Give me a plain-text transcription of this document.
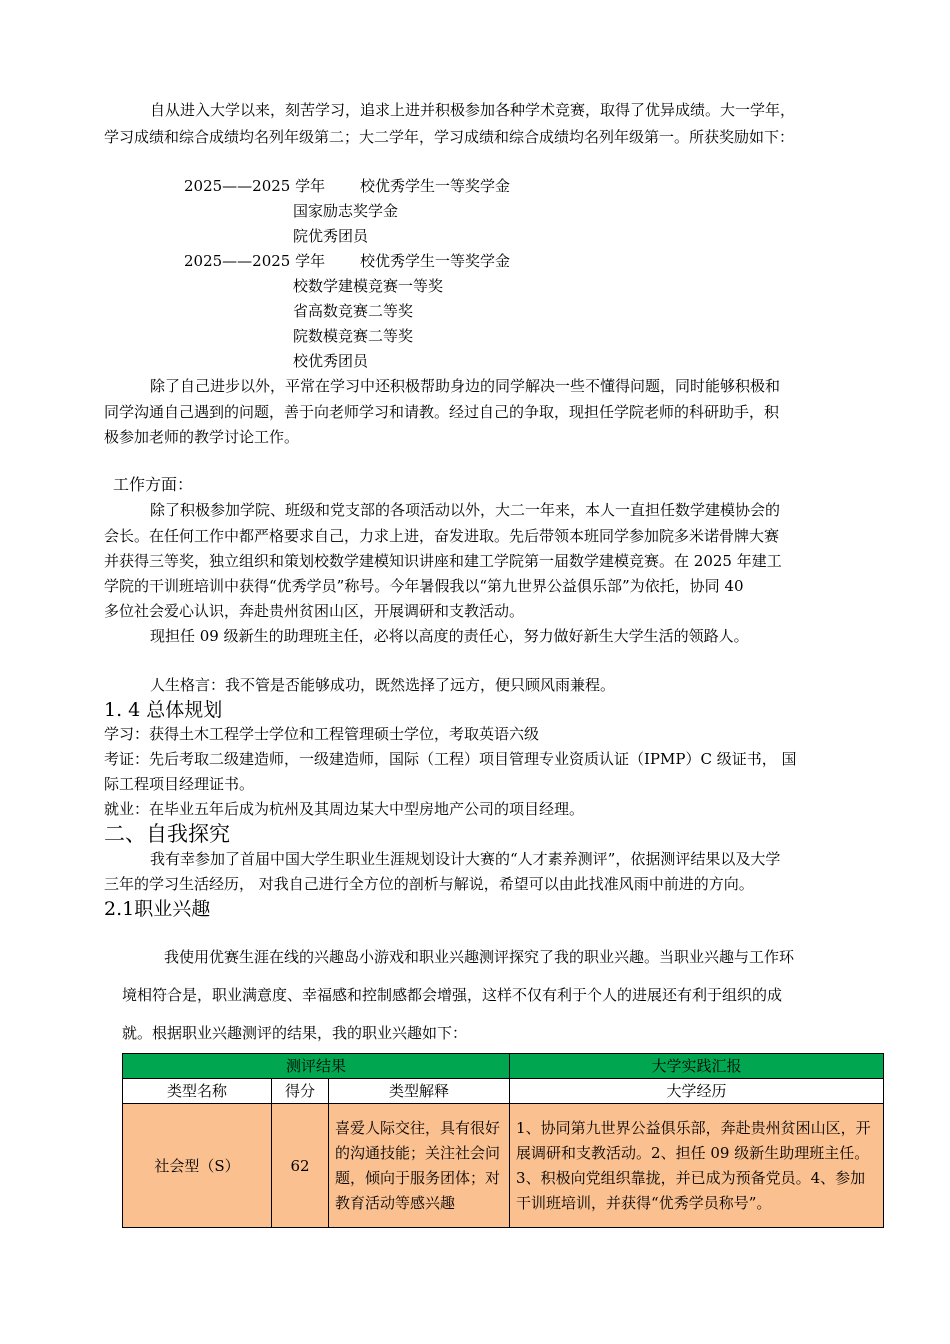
自从进入大学以来，刻苦学习，追求上进并积极参加各种学术竞赛，取得了优异成绩。大一学年，

学习成绩和综合成绩均名列年级第二；大二学年，学习成绩和综合成绩均名列年级第一。所获奖励如下：

2025——2025 学年 校优秀学生一等奖学金
国家励志奖学金
院优秀团员
2025——2025 学年 校优秀学生一等奖学金
校数学建模竞赛一等奖
省高数竞赛二等奖
院数模竞赛二等奖
校优秀团员

除了自己进步以外，平常在学习中还积极帮助身边的同学解决一些不懂得问题，同时能够积极和

同学沟通自己遇到的问题，善于向老师学习和请教。经过自己的争取，现担任学院老师的科研助手，积

极参加老师的教学讨论工作。

工作方面：

除了积极参加学院、班级和党支部的各项活动以外，大二一年来，本人一直担任数学建模协会的

会长。在任何工作中都严格要求自己，力求上进，奋发进取。先后带领本班同学参加院多米诺骨牌大赛

并获得三等奖，独立组织和策划校数学建模知识讲座和建工学院第一届数学建模竞赛。在 2025 年建工

学院的干训班培训中获得“优秀学员”称号。今年暑假我以“第九世界公益俱乐部”为依托，协同 40

多位社会爱心认识，奔赴贵州贫困山区，开展调研和支教活动。

现担任 09 级新生的助理班主任，必将以高度的责任心，努力做好新生大学生活的领路人。

人生格言：我不管是否能够成功，既然选择了远方，便只顾风雨兼程。

1. 4 总体规划

学习：获得土木工程学士学位和工程管理硕士学位，考取英语六级

考证：先后考取二级建造师，一级建造师，国际（工程）项目管理专业资质认证（IPMP）C 级证书， 国

际工程项目经理证书。

就业：在毕业五年后成为杭州及其周边某大中型房地产公司的项目经理。

二、自我探究

我有幸参加了首届中国大学生职业生涯规划设计大赛的“人才素养测评”，依据测评结果以及大学

三年的学习生活经历， 对我自己进行全方位的剖析与解说，希望可以由此找准风雨中前进的方向。

2.1职业兴趣

我使用优赛生涯在线的兴趣岛小游戏和职业兴趣测评探究了我的职业兴趣。当职业兴趣与工作环

境相符合是，职业满意度、幸福感和控制感都会增强，这样不仅有利于个人的进展还有利于组织的成

就。根据职业兴趣测评的结果，我的职业兴趣如下：

测评结果			大学实践汇报
类型名称	得分	类型解释	大学经历
社会型（S）	62	喜爱人际交往，具有很好的沟通技能；关注社会问题，倾向于服务团体；对教育活动等感兴趣	1、协同第九世界公益俱乐部，奔赴贵州贫困山区，开展调研和支教活动。2、担任 09 级新生助理班主任。3、积极向党组织靠拢，并已成为预备党员。4、参加干训班培训，并获得“优秀学员称号”。
